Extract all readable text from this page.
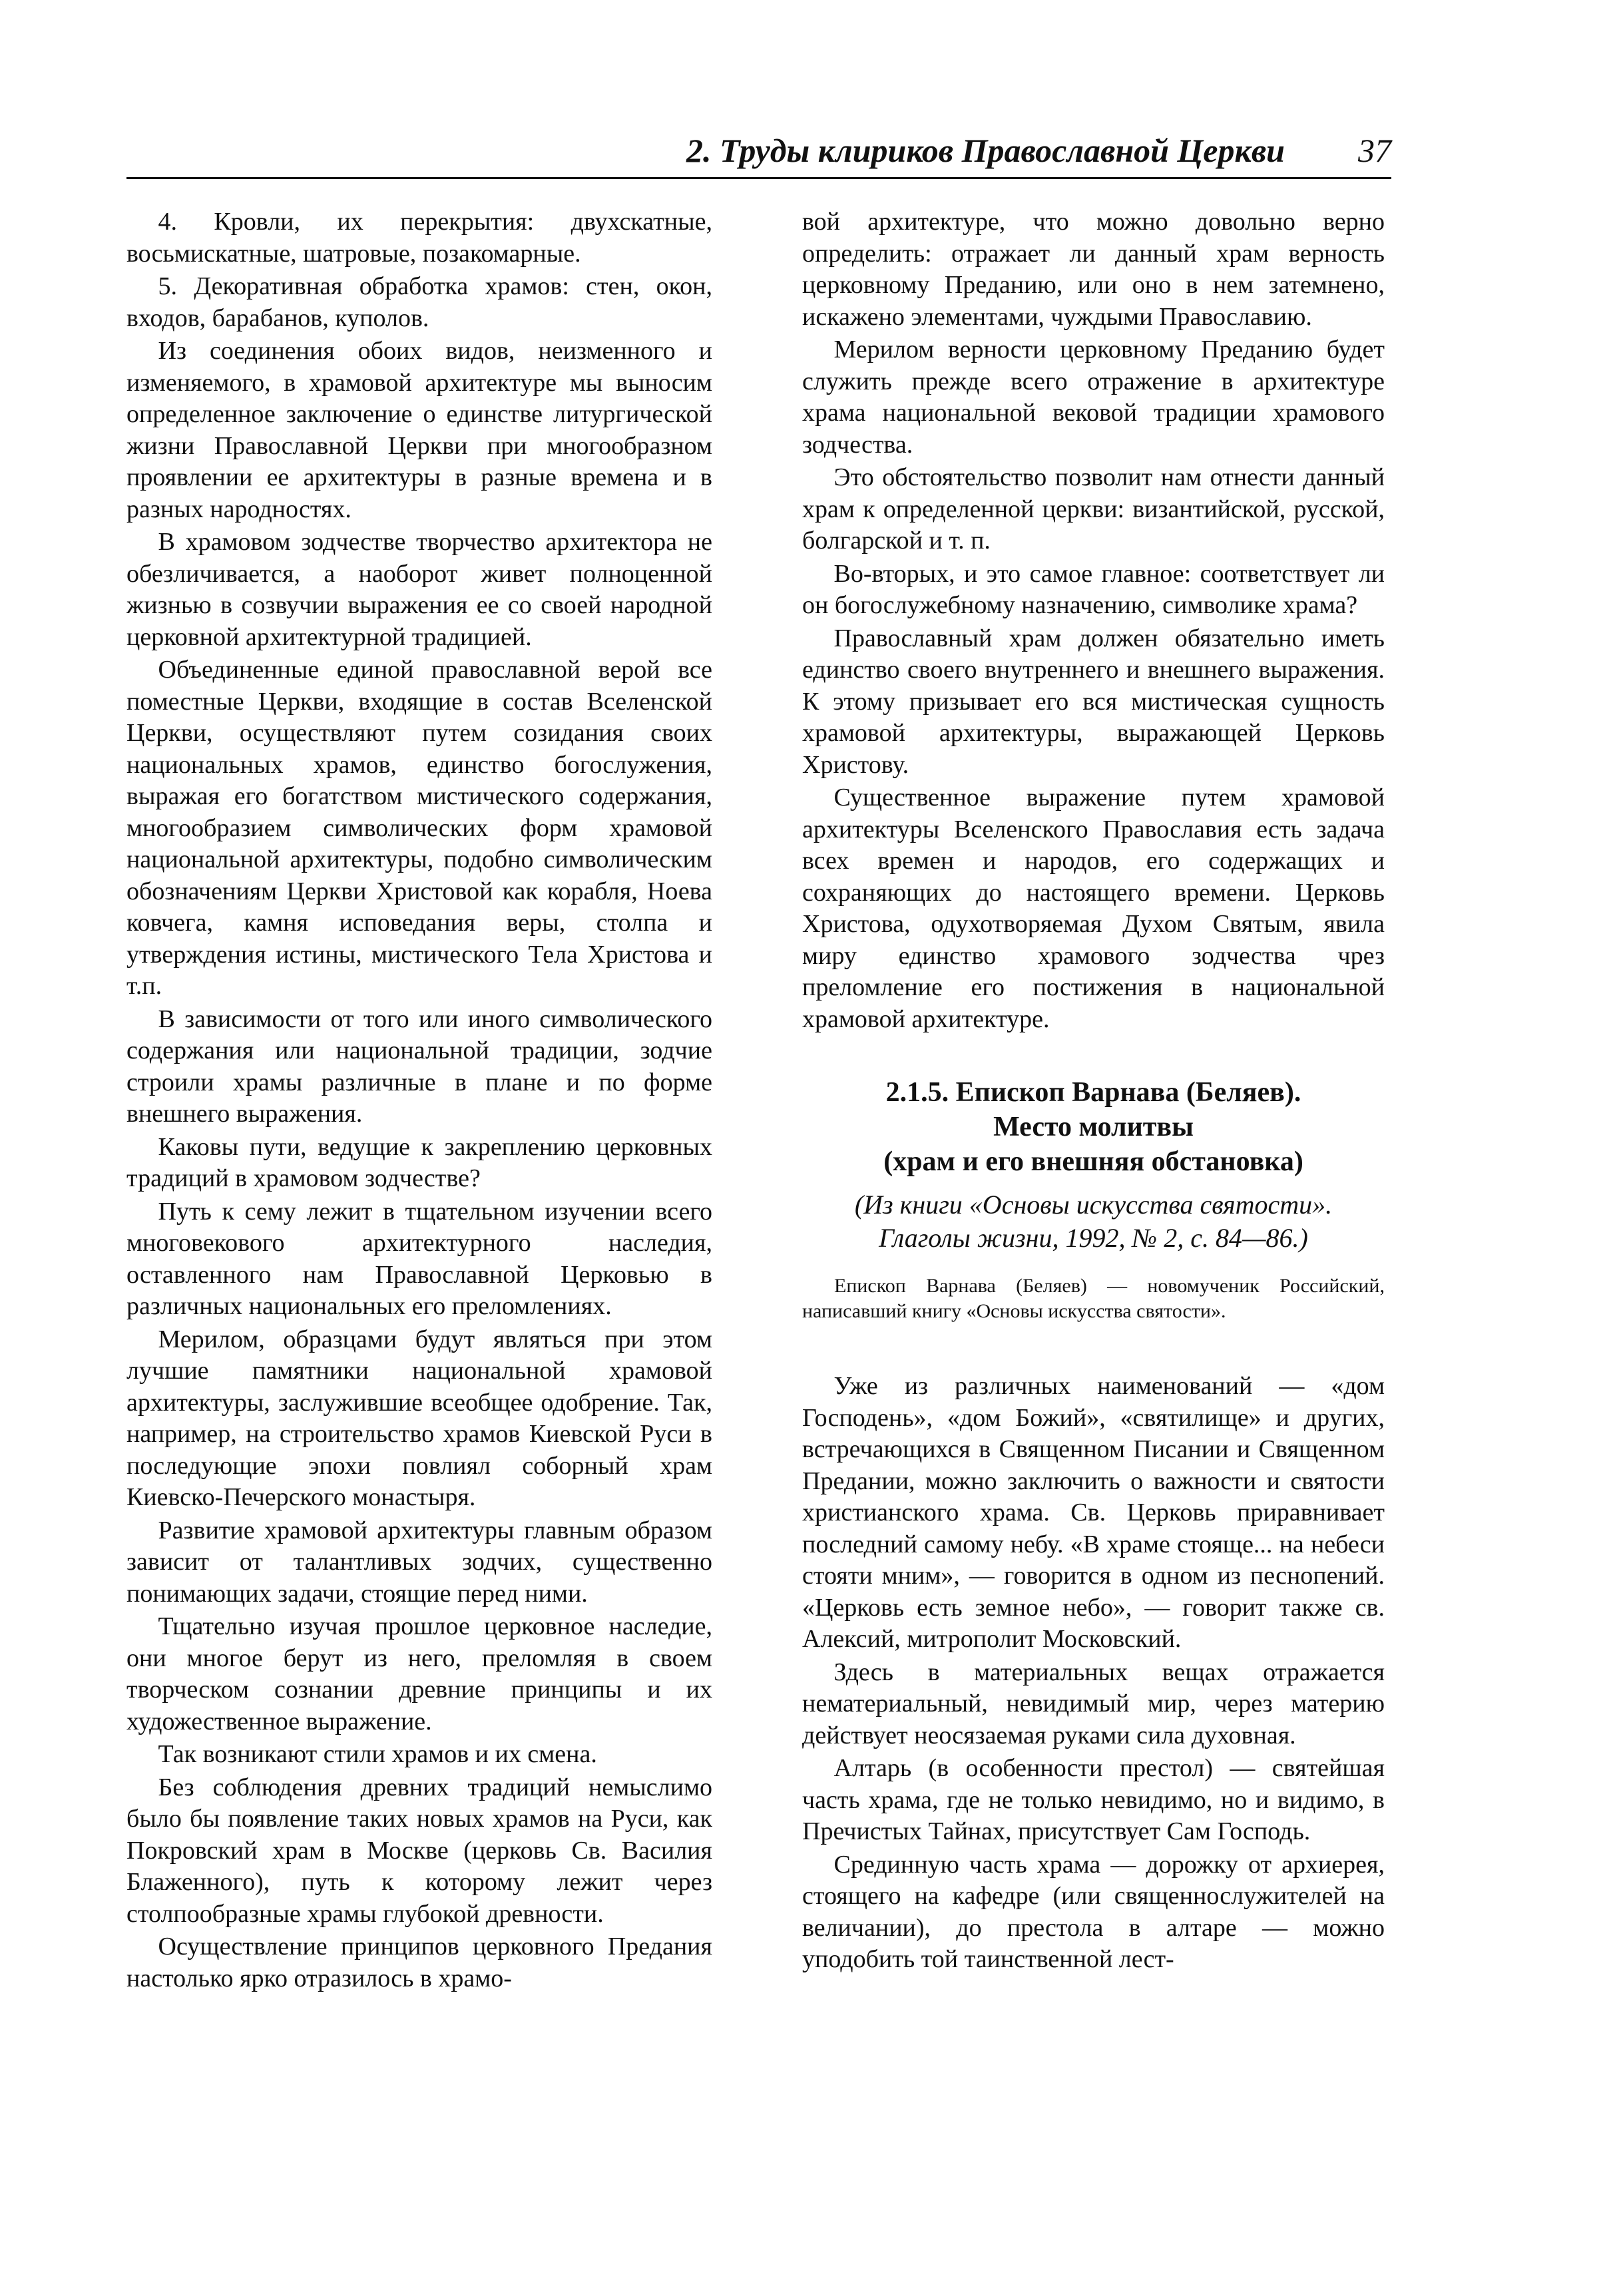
2. Труды клириков Православной Церкви 37

4. Кровли, их перекрытия: двухскатные, восьмискатные, шатровые, позакомарные.

5. Декоративная обработка храмов: стен, окон, входов, барабанов, куполов.

Из соединения обоих видов, неизменного и изменяемого, в храмовой архитектуре мы выносим определенное заключение о единстве литургической жизни Православной Церкви при многообразном проявлении ее архитектуры в разные времена и в разных народностях.

В храмовом зодчестве творчество архитектора не обезличивается, а наоборот живет полноценной жизнью в созвучии выражения ее со своей народной церковной архитектурной традицией.

Объединенные единой православной верой все поместные Церкви, входящие в состав Вселенской Церкви, осуществляют путем созидания своих национальных храмов, единство богослужения, выражая его богатством мистического содержания, многообразием символических форм храмовой национальной архитектуры, подобно символическим обозначениям Церкви Христовой как корабля, Ноева ковчега, камня исповедания веры, столпа и утверждения истины, мистического Тела Христова и т.п.

В зависимости от того или иного символического содержания или национальной традиции, зодчие строили храмы различные в плане и по форме внешнего выражения.

Каковы пути, ведущие к закреплению церковных традиций в храмовом зодчестве?

Путь к сему лежит в тщательном изучении всего многовекового архитектурного наследия, оставленного нам Православной Церковью в различных национальных его преломлениях.

Мерилом, образцами будут являться при этом лучшие памятники национальной храмовой архитектуры, заслужившие всеобщее одобрение. Так, например, на строительство храмов Киевской Руси в последующие эпохи повлиял соборный храм Киевско-Печерского монастыря.

Развитие храмовой архитектуры главным образом зависит от талантливых зодчих, существенно понимающих задачи, стоящие перед ними.

Тщательно изучая прошлое церковное наследие, они многое берут из него, преломляя в своем творческом сознании древние принципы и их художественное выражение.

Так возникают стили храмов и их смена.

Без соблюдения древних традиций немыслимо было бы появление таких новых храмов на Руси, как Покровский храм в Москве (церковь Св. Василия Блаженного), путь к которому лежит через столпообразные храмы глубокой древности.

Осуществление принципов церковного Предания настолько ярко отразилось в храмо-

вой архитектуре, что можно довольно верно определить: отражает ли данный храм верность церковному Преданию, или оно в нем затемнено, искажено элементами, чуждыми Православию.

Мерилом верности церковному Преданию будет служить прежде всего отражение в архитектуре храма национальной вековой традиции храмового зодчества.

Это обстоятельство позволит нам отнести данный храм к определенной церкви: византийской, русской, болгарской и т. п.

Во-вторых, и это самое главное: соответствует ли он богослужебному назначению, символике храма?

Православный храм должен обязательно иметь единство своего внутреннего и внешнего выражения. К этому призывает его вся мистическая сущность храмовой архитектуры, выражающей Церковь Христову.

Существенное выражение путем храмовой архитектуры Вселенского Православия есть задача всех времен и народов, его содержащих и сохраняющих до настоящего времени. Церковь Христова, одухотворяемая Духом Святым, явила миру единство храмового зодчества чрез преломление его постижения в национальной храмовой архитектуре.

2.1.5. Епископ Варнава (Беляев).
Место молитвы
(храм и его внешняя обстановка)
(Из книги «Основы искусства святости».
Глаголы жизни, 1992, № 2, с. 84—86.)
Епископ Варнава (Беляев) — новомученик Российский, написавший книгу «Основы искусства святости».

Уже из различных наименований — «дом Господень», «дом Божий», «святилище» и других, встречающихся в Священном Писании и Священном Предании, можно заключить о важности и святости христианского храма. Св. Церковь приравнивает последний самому небу. «В храме стояще... на небеси стояти мним», — говорится в одном из песнопений. «Церковь есть земное небо», — говорит также св. Алексий, митрополит Московский.

Здесь в материальных вещах отражается нематериальный, невидимый мир, через материю действует неосязаемая руками сила духовная.

Алтарь (в особенности престол) — святейшая часть храма, где не только невидимо, но и видимо, в Пречистых Тайнах, присутствует Сам Господь.

Срединную часть храма — дорожку от архиерея, стоящего на кафедре (или священнослужителей на величании), до престола в алтаре — можно уподобить той таинственной лест-
